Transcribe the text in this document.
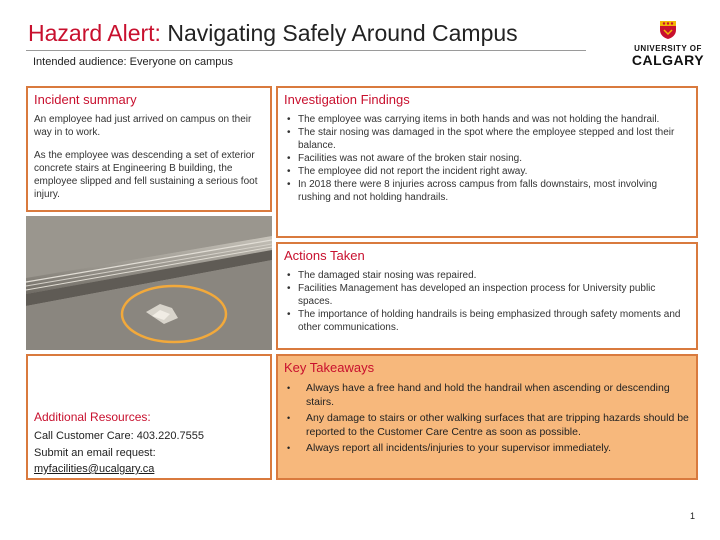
Hazard Alert: Navigating Safely Around Campus
Intended audience: Everyone on campus
UNIVERSITY OF
CALGARY
Incident summary

An employee had just arrived on campus on their way in to work.

As the employee was descending a set of exterior concrete stairs at Engineering B building, the employee slipped and fell sustaining a serious foot injury.

Investigation Findings
• The employee was carrying items in both hands and was not holding the handrail.
• The stair nosing was damaged in the spot where the employee stepped and lost their balance.
• Facilities was not aware of the broken stair nosing.
• The employee did not report the incident right away.
• In 2018 there were 8 injuries across campus from falls downstairs, most involving rushing and not holding handrails.
Actions Taken
• The damaged stair nosing was repaired.
• Facilities Management has developed an inspection process for University public spaces.
• The importance of holding handrails is being emphasized through safety moments and other communications.
Additional Resources:
Call Customer Care: 403.220.7555
Submit an email request:
myfacilities@ucalgary.ca
Key Takeaways
• Always have a free hand and hold the handrail when ascending or descending stairs.
• Any damage to stairs or other walking surfaces that are tripping hazards should be reported to the Customer Care Centre as soon as possible.
• Always report all incidents/injuries to your supervisor immediately.
1
